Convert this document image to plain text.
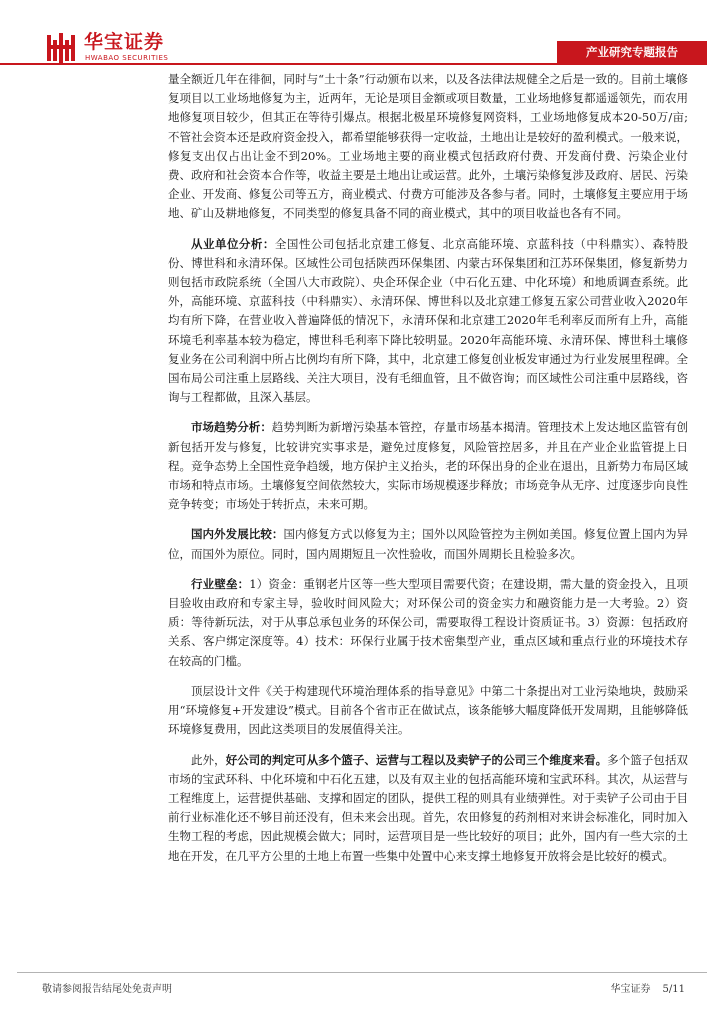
华宝证券
HWABAO SECURITIES	产业研究专题报告

量全额近几年在徘徊，同时与“土十条”行动颁布以来，以及各法律法规健全之后是一致的。目前土壤修复项目以工业场地修复为主，近两年，无论是项目金额或项目数量，工业场地修复都遥遥领先，而农用地修复项目较少，但其正在等待引爆点。根据北极星环境修复网资料，工业场地修复成本20-50万/亩;不管社会资本还是政府资金投入，都希望能够获得一定收益，土地出让是较好的盈利模式。一般来说，修复支出仅占出让金不到20%。工业场地主要的商业模式包括政府付费、开发商付费、污染企业付费、政府和社会资本合作等，收益主要是土地出让或运营。此外，土壤污染修复涉及政府、居民、污染企业、开发商、修复公司等五方，商业模式、付费方可能涉及各参与者。同时，土壤修复主要应用于场地、矿山及耕地修复，不同类型的修复具备不同的商业模式，其中的项目收益也各有不同。

从业单位分析：全国性公司包括北京建工修复、北京高能环境、京蓝科技（中科鼎实）、森特股份、博世科和永清环保。区域性公司包括陕西环保集团、内蒙古环保集团和江苏环保集团，修复新势力则包括市政院系统（全国八大市政院）、央企环保企业（中石化五建、中化环境）和地质调查系统。此外，高能环境、京蓝科技（中科鼎实）、永清环保、博世科以及北京建工修复五家公司营业收入2020年均有所下降，在营业收入普遍降低的情况下，永清环保和北京建工2020年毛利率反而所有上升，高能环境毛利率基本较为稳定，博世科毛利率下降比较明显。2020年高能环境、永清环保、博世科土壤修复业务在公司利润中所占比例均有所下降，其中，北京建工修复创业板发审通过为行业发展里程碑。全国布局公司注重上层路线、关注大项目，没有毛细血管，且不做咨询；而区域性公司注重中层路线，咨询与工程都做，且深入基层。

市场趋势分析：趋势判断为新增污染基本管控，存量市场基本揭清。管理技术上发达地区监管有创新包括开发与修复，比较讲究实事求是，避免过度修复，风险管控居多，并且在产业企业监管提上日程。竞争态势上全国性竞争趋缓，地方保护主义抬头，老的环保出身的企业在退出，且新势力布局区域市场和特点市场。土壤修复空间依然较大，实际市场规模逐步释放；市场竞争从无序、过度逐步向良性竞争转变；市场处于转折点，未来可期。

国内外发展比较：国内修复方式以修复为主；国外以风险管控为主例如美国。修复位置上国内为异位，而国外为原位。同时，国内周期短且一次性验收，而国外周期长且检验多次。

行业壁垒：1）资金：重钢老片区等一些大型项目需要代资；在建设期，需大量的资金投入，且项目验收由政府和专家主导，验收时间风险大；对环保公司的资金实力和融资能力是一大考验。2）资质：等待新玩法，对于从事总承包业务的环保公司，需要取得工程设计资质证书。3）资源：包括政府关系、客户绑定深度等。4）技术：环保行业属于技术密集型产业，重点区域和重点行业的环境技术存在较高的门槛。

顶层设计文件《关于构建现代环境治理体系的指导意见》中第二十条提出对工业污染地块，鼓励采用“环境修复+开发建设”模式。目前各个省市正在做试点，该条能够大幅度降低开发周期，且能够降低环境修复费用，因此这类项目的发展值得关注。

此外，好公司的判定可从多个篮子、运营与工程以及卖铲子的公司三个维度来看。多个篮子包括双市场的宝武环科、中化环境和中石化五建，以及有双主业的包括高能环境和宝武环科。其次，从运营与工程维度上，运营提供基础、支撑和固定的团队，提供工程的则具有业绩弹性。对于卖铲子公司由于目前行业标准化还不够目前还没有，但未来会出现。首先，农田修复的药剂相对来讲会标准化，同时加入生物工程的考虑，因此规模会做大；同时，运营项目是一些比较好的项目；此外，国内有一些大宗的土地在开发，在几平方公里的土地上布置一些集中处置中心来支撑土地修复开放将会是比较好的模式。

敬请参阅报告结尾处免责声明	华宝证券 5/11
